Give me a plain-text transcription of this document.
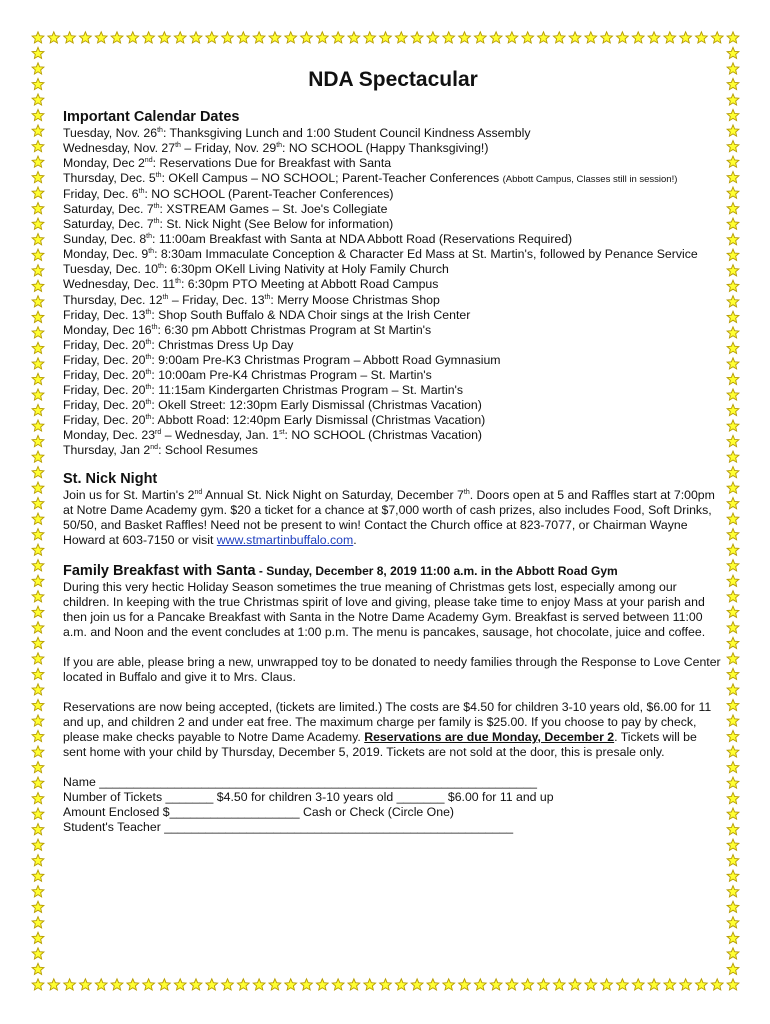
NDA Spectacular
Important Calendar Dates
Tuesday, Nov. 26th: Thanksgiving Lunch and 1:00 Student Council Kindness Assembly
Wednesday, Nov. 27th – Friday, Nov. 29th: NO SCHOOL (Happy Thanksgiving!)
Monday, Dec 2nd: Reservations Due for Breakfast with Santa
Thursday, Dec. 5th: OKell Campus – NO SCHOOL; Parent-Teacher Conferences (Abbott Campus, Classes still in session!)
Friday, Dec. 6th: NO SCHOOL (Parent-Teacher Conferences)
Saturday, Dec. 7th: XSTREAM Games – St. Joe's Collegiate
Saturday, Dec. 7th: St. Nick Night (See Below for information)
Sunday, Dec. 8th: 11:00am Breakfast with Santa at NDA Abbott Road (Reservations Required)
Monday, Dec. 9th: 8:30am Immaculate Conception & Character Ed Mass at St. Martin's, followed by Penance Service
Tuesday, Dec. 10th: 6:30pm OKell Living Nativity at Holy Family Church
Wednesday, Dec. 11th: 6:30pm PTO Meeting at Abbott Road Campus
Thursday, Dec. 12th – Friday, Dec. 13th: Merry Moose Christmas Shop
Friday, Dec. 13th: Shop South Buffalo & NDA Choir sings at the Irish Center
Monday, Dec 16th: 6:30 pm Abbott Christmas Program at St Martin's
Friday, Dec. 20th: Christmas Dress Up Day
Friday, Dec. 20th: 9:00am Pre-K3 Christmas Program – Abbott Road Gymnasium
Friday, Dec. 20th: 10:00am Pre-K4 Christmas Program – St. Martin's
Friday, Dec. 20th: 11:15am Kindergarten Christmas Program – St. Martin's
Friday, Dec. 20th: Okell Street: 12:30pm Early Dismissal (Christmas Vacation)
Friday, Dec. 20th: Abbott Road: 12:40pm Early Dismissal (Christmas Vacation)
Monday, Dec. 23rd – Wednesday, Jan. 1st: NO SCHOOL (Christmas Vacation)
Thursday, Jan 2nd: School Resumes
St. Nick Night

Join us for St. Martin's 2nd Annual St. Nick Night on Saturday, December 7th. Doors open at 5 and Raffles start at 7:00pm at Notre Dame Academy gym. $20 a ticket for a chance at $7,000 worth of cash prizes, also includes Food, Soft Drinks, 50/50, and Basket Raffles! Need not be present to win! Contact the Church office at 823-7077, or Chairman Wayne Howard at 603-7150 or visit www.stmartinbuffalo.com.

Family Breakfast with Santa - Sunday, December 8, 2019 11:00 a.m. in the Abbott Road Gym

During this very hectic Holiday Season sometimes the true meaning of Christmas gets lost, especially among our children. In keeping with the true Christmas spirit of love and giving, please take time to enjoy Mass at your parish and then join us for a Pancake Breakfast with Santa in the Notre Dame Academy Gym. Breakfast is served between 11:00 a.m. and Noon and the event concludes at 1:00 p.m. The menu is pancakes, sausage, hot chocolate, juice and coffee.

If you are able, please bring a new, unwrapped toy to be donated to needy families through the Response to Love Center located in Buffalo and give it to Mrs. Claus.

Reservations are now being accepted, (tickets are limited.) The costs are $4.50 for children 3-10 years old, $6.00 for 11 and up, and children 2 and under eat free. The maximum charge per family is $25.00. If you choose to pay by check, please make checks payable to Notre Dame Academy. Reservations are due Monday, December 2. Tickets will be sent home with your child by Thursday, December 5, 2019. Tickets are not sold at the door, this is presale only.

Name ________________________________________________________________

Number of Tickets _______ $4.50 for children 3-10 years old _______ $6.00 for 11 and up

Amount Enclosed $___________________ Cash or Check (Circle One)

Student's Teacher ___________________________________________________
